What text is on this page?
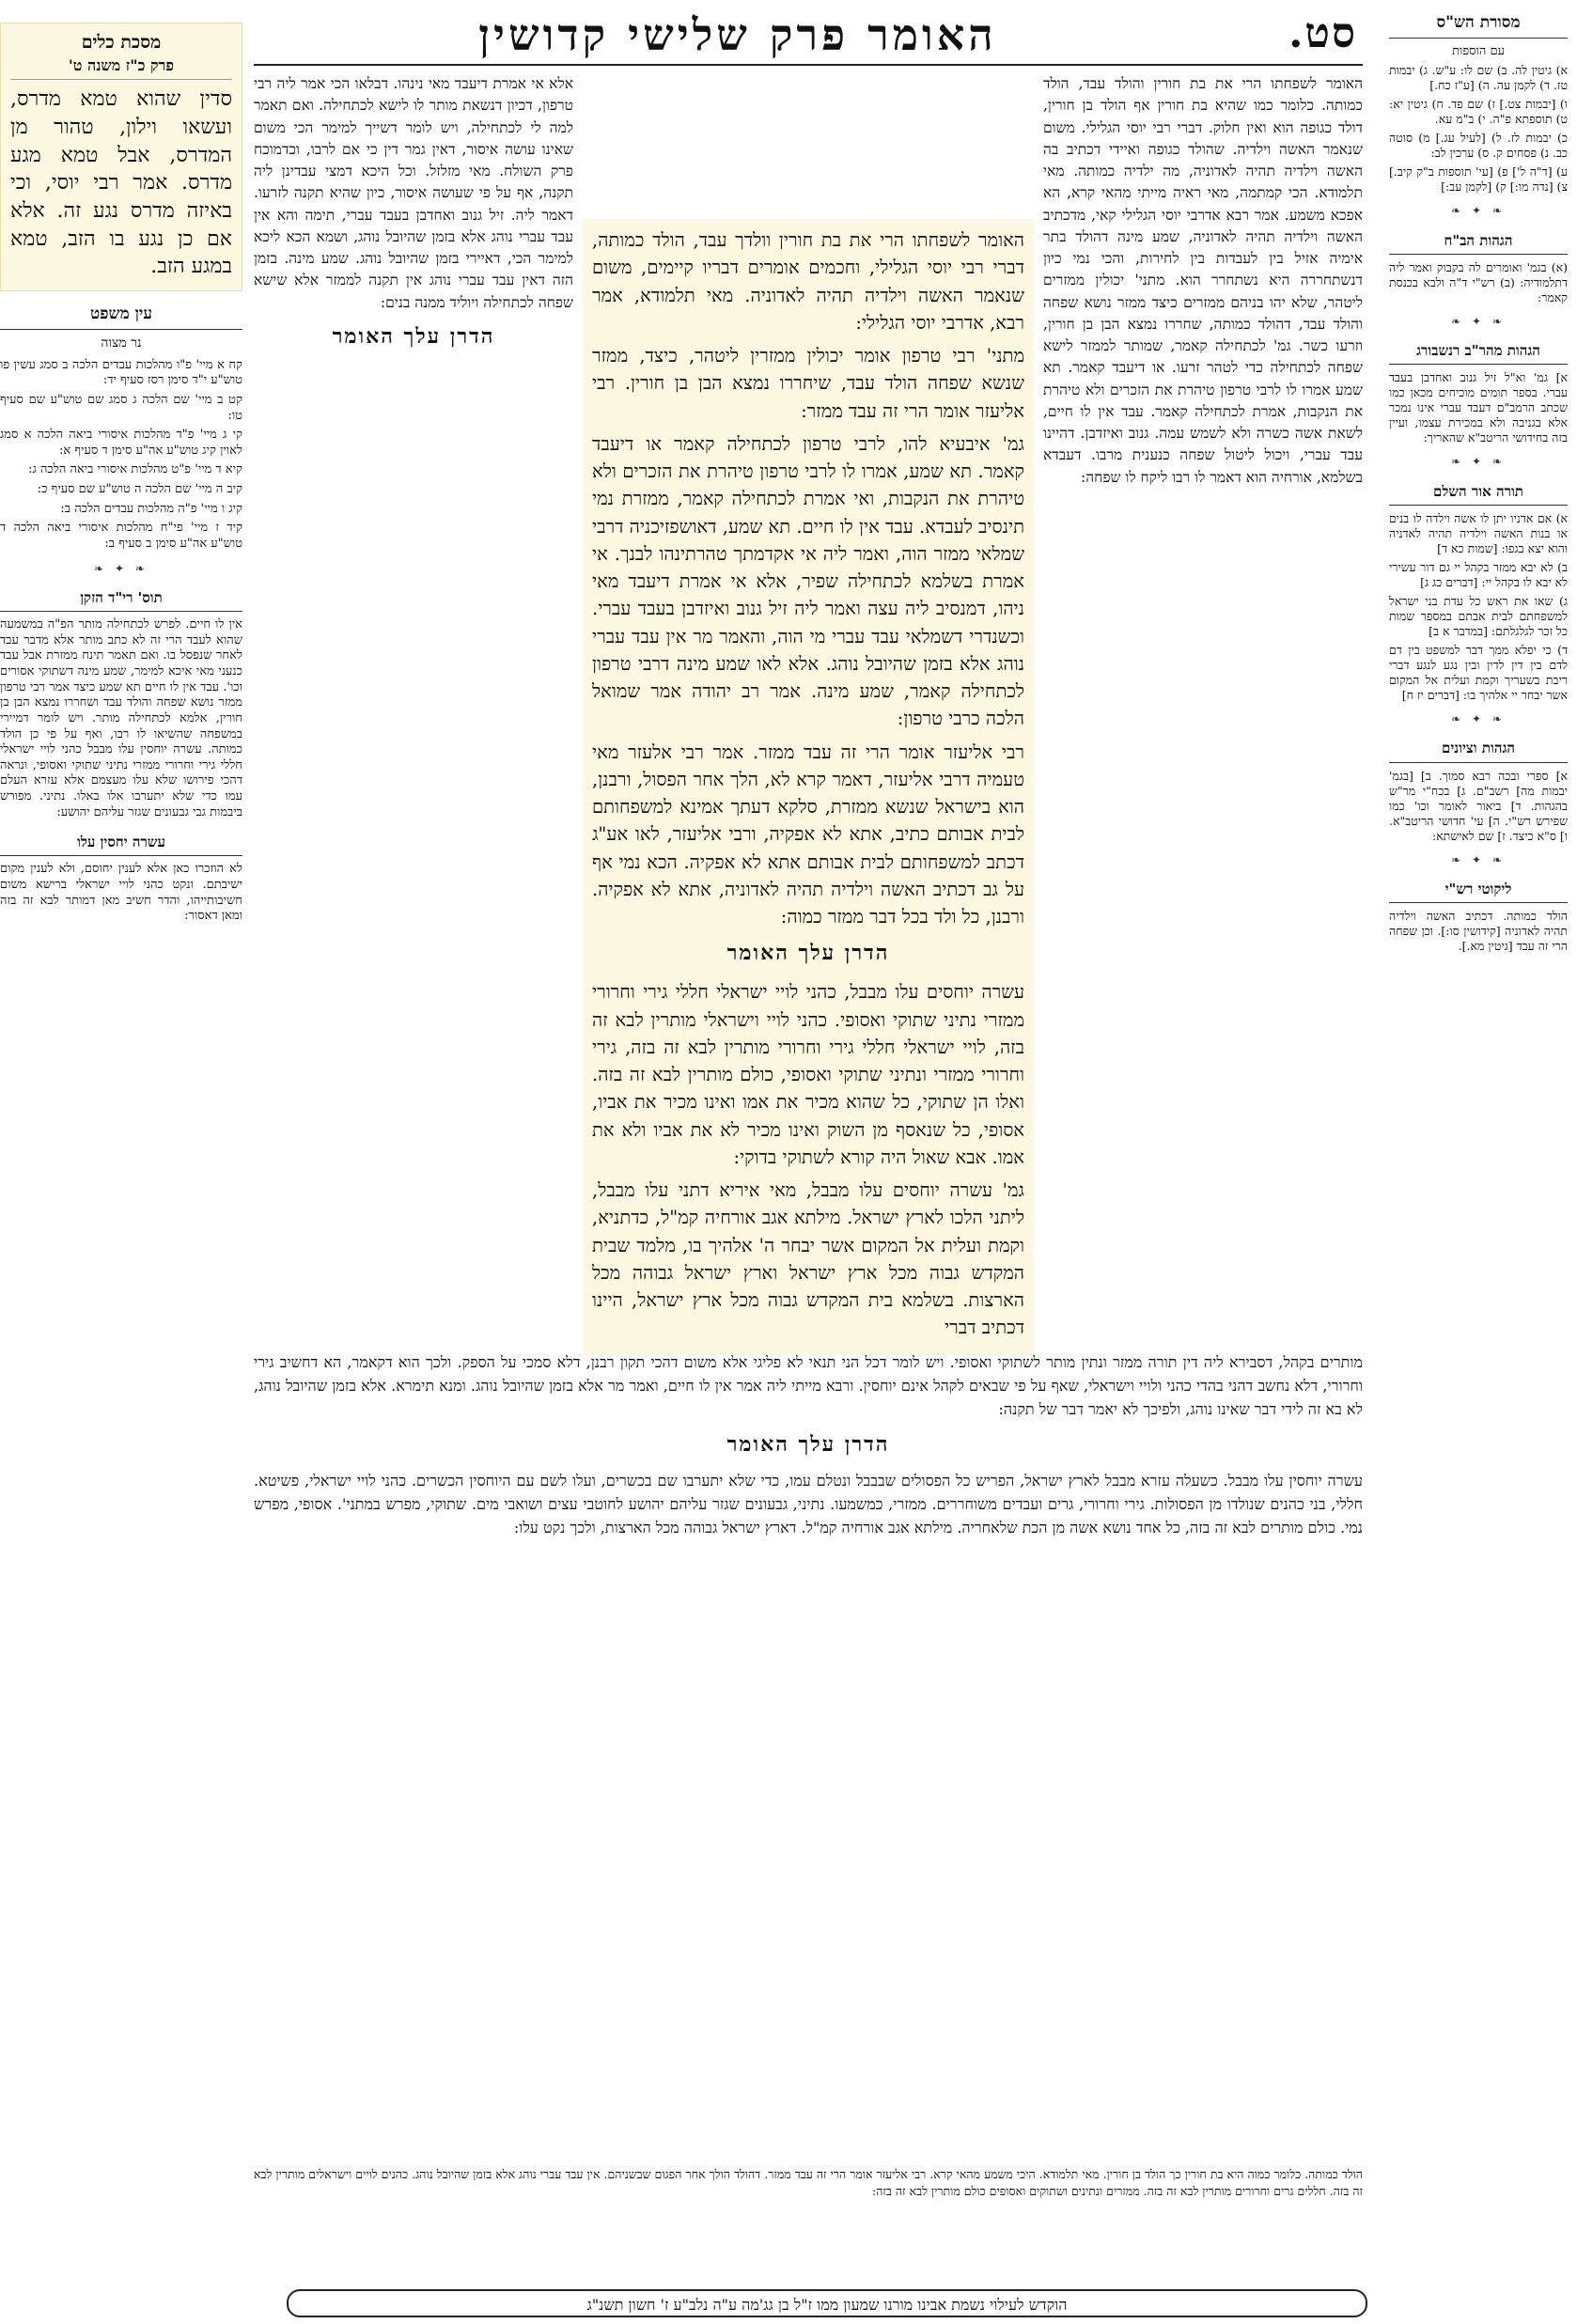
סט.
האומר פרק שלישי קדושין
מסכת כלים
פרק כ"ז משנה ט'
סדין שהוא טמא מדרס, ועשאו וילון, טהור מן המדרס, אבל טמא מגע מדרס. אמר רבי יוסי, וכי באיזה מדרס נגע זה. אלא אם כן נגע בו הזב, טמא במגע הזב.
עין משפט
נר מצוה

קח א מיי' פ"ו מהלכות עבדים הלכה ב סמג עשין פו טוש"ע י"ד סימן רסז סעיף יד:

קט ב מיי' שם הלכה ג סמג שם טוש"ע שם סעיף טו:

קי ג מיי' פ"ד מהלכות איסורי ביאה הלכה א סמג לאוין קיג טוש"ע אה"ע סימן ד סעיף א:

קיא ד מיי' פ"ט מהלכות איסורי ביאה הלכה ג:

קיב ה מיי' שם הלכה ה טוש"ע שם סעיף כ:

קיג ו מיי' פ"ה מהלכות עבדים הלכה ב:

קיד ז מיי' פי"ח מהלכות איסורי ביאה הלכה ד טוש"ע אה"ע סימן ב סעיף ב:

❧ ✦ ❧
תוס' רי"ד הזקן

אין לו חיים. לפרש לכתחילה מותר הפ"ה במשמעה שהוא לעבד הרי זה לא כתב מותר אלא מדבר עבד לאחר שנפסל בו. ואם תאמר תינח ממזרת אבל עבד כנעני מאי איכא למימר, שמע מינה דשתוקי אסורים וכו'. עבד אין לו חיים תא שמע כיצד אמר רבי טרפון ממזר נושא שפחה והולד עבד ושחררו נמצא הבן בן חורין, אלמא לכתחילה מותר. ויש לומר דמיירי במשפחה שהשיאו לו רבו, ואף על פי כן הולד כמותה. עשרה יוחסין עלו מבבל כהני לויי ישראלי חללי גירי וחרורי ממזרי נתיני שתוקי ואסופי, ונראה דהכי פירושו שלא עלו מעצמם אלא עזרא העלם עמו כדי שלא יתערבו אלו באלו. נתיני. מפורש ביבמות גבי גבעונים שגזר עליהם יהושע:

עשרה יחסין עלו

לא הוזכרו כאן אלא לענין יחוסם, ולא לענין מקום ישיבתם. ונקט כהני לויי ישראלי ברישא משום חשיבותייהו, והדר חשיב מאן דמותר לבא זה בזה ומאן דאסור:

מסורת הש"ס
עם הוספות

א) גיטין לה. ב) שם לו: ע"ש. ג) יבמות טז. ד) לקמן עה. ה) [ע"ז כח.]

ו) [יבמות צט.] ז) שם פד. ח) גיטין יא: ט) תוספתא פ"ה. י) ב"מ עא.

כ) יבמות לז. ל) [לעיל עג.] מ) סוטה כב. נ) פסחים ק. ס) ערכין לב:

ע) [ד"ה ל'] פ) [עי' תוספות ב"ק קיב.] צ) [נדה מו:] ק) [לקמן עב:]

❧ ✦ ❧
הגהות הב"ח

(א) בגמ' ואומרים לה בקבוק ואמר ליה דתלמודיה: (ב) רש"י ד"ה ולבא בכנסת קאמר:

❧ ✦ ❧
הגהות מהר"ב רנשבורג

א] גמ' וא"ל זיל גנוב ואחדבן בעבד עברי. בספר תומים מוכיחים מכאן כמו שכתב הרמב"ם דעבד עברי אינו נמכר אלא בגניבה ולא במכירת עצמו, ועיין בזה בחידושי הריטב"א שהאריך:

❧ ✦ ❧
תורה אור השלם

א) אם אדניו יתן לו אשה וילדה לו בנים או בנות האשה וילדיה תהיה לאדניה והוא יצא בגפו: [שמות כא ד]

ב) לא יבא ממזר בקהל יי גם דור עשירי לא יבא לו בקהל יי: [דברים כג ג]

ג) שאו את ראש כל עדת בני ישראל למשפחתם לבית אבתם במספר שמות כל זכר לגלגלתם: [במדבר א ב]

ד) כי יפלא ממך דבר למשפט בין דם לדם בין דין לדין ובין נגע לנגע דברי ריבת בשעריך וקמת ועלית אל המקום אשר יבחר יי אלהיך בו: [דברים יז ח]

❧ ✦ ❧
הגהות וציונים

א] ספרי ובכה רבא סמוך. ב] [בגמ' יבמות מה] רשב"ם. ג] בכח"י מר"ש בהגהות. ד] ביאור לאומר וכו' כמו שפירש רש"י. ה] עי' חדושי הריטב"א. ו] ס"א כיצד. ז] שם לאישתא:

❧ ✦ ❧
ליקוטי רש"י

הולד כמותה. דכתיב האשה וילדיה תהיה לאדוניה [קידושין סו:]. וכן שפחה הרי זה עבד [גיטין מא.].

האומר לשפחתו הרי את בת חורין והולד עבד, הולד כמותה. כלומר כמו שהיא בת חורין אף הולד בן חורין, דולד כגופה הוא ואין חלוק. דברי רבי יוסי הגלילי. משום שנאמר האשה וילדיה. שהולד כגופה ואיידי דכתיב בה האשה וילדיה תהיה לאדוניה, מה ילדיה כמותה. מאי תלמודא. הכי קמתמה, מאי ראיה מייתי מהאי קרא, הא אפכא משמע. אמר רבא אדרבי יוסי הגלילי קאי, מדכתיב האשה וילדיה תהיה לאדוניה, שמע מינה דהולד בתר אימיה אזיל בין לעבדות בין לחירות, והכי נמי כיון דנשתחררה היא נשתחרר הוא. מתני' יכולין ממזרים ליטהר, שלא יהו בניהם ממזרים כיצד ממזר נושא שפחה והולד עבד, דהולד כמותה, שחררו נמצא הבן בן חורין, וזרעו כשר. גמ' לכתחילה קאמר, שמותר לממזר לישא שפחה לכתחילה כדי לטהר זרעו. או דיעבד קאמר. תא שמע אמרו לו לרבי טרפון טיהרת את הזכרים ולא טיהרת את הנקבות, אמרת לכתחילה קאמר. עבד אין לו חיים, לשאת אשה כשרה ולא לשמש עמה. גנוב ואיזדבן. דהיינו עבד עברי, ויכול ליטול שפחה כנענית מרבו. דעבדא בשלמא, אורחיה הוא דאמר לו רבו ליקח לו שפחה:
אלא אי אמרת דיעבד מאי נינהו. דבלאו הכי אמר ליה רבי טרפון, דכיון דנשאת מותר לו לישא לכתחילה. ואם תאמר למה לי לכתחילה, ויש לומר דשייך למימר הכי משום שאינו עושה איסור, דאין גמר דין כי אם לרבו, וכדמוכח פרק השולח. מאי מזלזל. וכל היכא דמצי עבדינן ליה תקנה, אף על פי שעושה איסור, כיון שהיא תקנה לזרעו. דאמר ליה. זיל גנוב ואחדבן בעבד עברי, תימה והא אין עבד עברי נוהג אלא בזמן שהיובל נוהג, ושמא הכא ליכא למימר הכי, דאיירי בזמן שהיובל נוהג. שמע מינה. בזמן הזה דאין עבד עברי נוהג אין תקנה לממזר אלא שישא שפחה לכתחילה ויוליד ממנה בנים:
הדרן עלך האומר

האומר לשפחתו הרי את בת חורין וולדך עבד, הולד כמותה, דברי רבי יוסי הגלילי, וחכמים אומרים דבריו קיימים, משום שנאמר האשה וילדיה תהיה לאדוניה. מאי תלמודא, אמר רבא, אדרבי יוסי הגלילי:

מתני' רבי טרפון אומר יכולין ממזרין ליטהר, כיצד, ממזר שנשא שפחה הולד עבד, שיחררו נמצא הבן בן חורין. רבי אליעזר אומר הרי זה עבד ממזר:

גמ' איבעיא להו, לרבי טרפון לכתחילה קאמר או דיעבד קאמר. תא שמע, אמרו לו לרבי טרפון טיהרת את הזכרים ולא טיהרת את הנקבות, ואי אמרת לכתחילה קאמר, ממזרת נמי תינסיב לעבדא. עבד אין לו חיים. תא שמע, דאושפזיכניה דרבי שמלאי ממזר הוה, ואמר ליה אי אקדמתך טהרתינהו לבנך. אי אמרת בשלמא לכתחילה שפיר, אלא אי אמרת דיעבד מאי ניהו, דמנסיב ליה עצה ואמר ליה זיל גנוב ואיזדבן בעבד עברי. וכשנדרי דשמלאי עבד עברי מי הוה, והאמר מר אין עבד עברי נוהג אלא בזמן שהיובל נוהג. אלא לאו שמע מינה דרבי טרפון לכתחילה קאמר, שמע מינה. אמר רב יהודה אמר שמואל הלכה כרבי טרפון:

רבי אליעזר אומר הרי זה עבד ממזר. אמר רבי אלעזר מאי טעמיה דרבי אליעזר, דאמר קרא לא, הלך אחר הפסול, ורבנן, הוא בישראל שנשא ממזרת, סלקא דעתך אמינא למשפחותם לבית אבותם כתיב, אתא לא אפקיה, ורבי אליעזר, לאו אע"ג דכתב למשפחותם לבית אבותם אתא לא אפקיה. הכא נמי אף על גב דכתיב האשה וילדיה תהיה לאדוניה, אתא לא אפקיה. ורבנן, כל ולד בכל דבר ממזר כמוה:

הדרן עלך האומר

עשרה יוחסים עלו מבבל, כהני לויי ישראלי חללי גירי וחרורי ממזרי נתיני שתוקי ואסופי. כהני לויי וישראלי מותרין לבא זה בזה, לויי ישראלי חללי גירי וחרורי מותרין לבא זה בזה, גירי וחרורי ממזרי ונתיני שתוקי ואסופי, כולם מותרין לבא זה בזה. ואלו הן שתוקי, כל שהוא מכיר את אמו ואינו מכיר את אביו, אסופי, כל שנאסף מן השוק ואינו מכיר לא את אביו ולא את אמו. אבא שאול היה קורא לשתוקי בדוקי:

גמ' עשרה יוחסים עלו מבבל, מאי איריא דתני עלו מבבל, ליתני הלכו לארץ ישראל. מילתא אגב אורחיה קמ"ל, כדתניא, וקמת ועלית אל המקום אשר יבחר ה' אלהיך בו, מלמד שבית המקדש גבוה מכל ארץ ישראל וארץ ישראל גבוהה מכל הארצות. בשלמא בית המקדש גבוה מכל ארץ ישראל, היינו דכתיב דברי

מותרים בקהל, דסבירא ליה דין תורה ממזר ונתין מותר לשתוקי ואסופי. ויש לומר דכל הני תנאי לא פליגי אלא משום דהכי תקון רבנן, דלא סמכי על הספק. ולכך הוא דקאמר, הא דחשיב גירי וחרורי, דלא נחשב דהני בהדי כהני ולויי וישראלי, שאף על פי שבאים לקהל אינם יוחסין. ורבא מייתי ליה אמר אין לו חיים, ואמר מר אלא בזמן שהיובל נוהג. ומנא תימרא. אלא בזמן שהיובל נוהג, לא בא זה לידי דבר שאינו נוהג, ולפיכך לא יאמר דבר של תקנה:

הדרן עלך האומר

עשרה יוחסין עלו מבבל. כשעלה עזרא מבבל לארץ ישראל, הפריש כל הפסולים שבבבל ונטלם עמו, כדי שלא יתערבו שם בכשרים, ועלו לשם עם היוחסין הכשרים. כהני לויי ישראלי, פשיטא. חללי, בני כהנים שנולדו מן הפסולות. גירי וחרורי, גרים ועבדים משוחררים. ממזרי, כמשמעו. נתיני, גבעונים שגזר עליהם יהושע לחוטבי עצים ושואבי מים. שתוקי, מפרש במתני'. אסופי, מפרש נמי. כולם מותרים לבא זה בזה, כל אחד נושא אשה מן הכת שלאחריה. מילתא אגב אורחיה קמ"ל. דארץ ישראל גבוהה מכל הארצות, ולכך נקט עלו:

הולד כמותה. כלומר כמוה היא בת חורין כך הולד בן חורין. מאי תלמודא. היכי משמע מהאי קרא. רבי אליעזר אומר הרי זה עבד ממזר. דהולד הולך אחר הפגום שבשניהם. אין עבד עברי נוהג אלא בזמן שהיובל נוהג. כהנים לויים וישראלים מותרין לבא זה בזה. חללים גרים וחרורים מותרין לבא זה בזה. ממזרים ונתינים ושתוקים ואסופים כולם מותרין לבא זה בזה:
הוקדש לעילוי נשמת אבינו מורנו שמעון ממו ז"ל בן גג'מה ע"ה נלב"ע ז' חשון תשנ"ג
